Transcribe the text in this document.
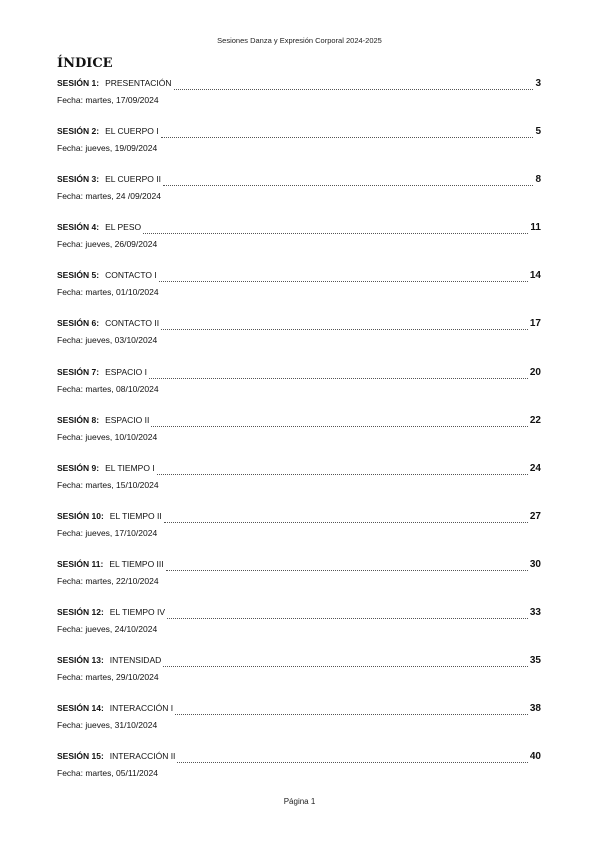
Sesiones Danza y Expresión Corporal 2024-2025
ÍNDICE
SESIÓN 1 : PRESENTACIÓN	3
Fecha: martes, 17/09/2024
SESIÓN 2 : EL CUERPO I	5
Fecha: jueves, 19/09/2024
SESIÓN 3 : EL CUERPO II	8
Fecha: martes, 24 /09/2024
SESIÓN 4 : EL PESO	11
Fecha: jueves, 26/09/2024
SESIÓN 5 : CONTACTO I	14
Fecha: martes, 01/10/2024
SESIÓN 6 : CONTACTO II	17
Fecha: jueves, 03/10/2024
SESIÓN 7 : ESPACIO I	20
Fecha: martes, 08/10/2024
SESIÓN 8 : ESPACIO II	22
Fecha: jueves, 10/10/2024
SESIÓN 9 : EL TIEMPO I	24
Fecha: martes, 15/10/2024
SESIÓN 10 : EL TIEMPO II	27
Fecha: jueves, 17/10/2024
SESIÓN 11 : EL TIEMPO III	30
Fecha: martes, 22/10/2024
SESIÓN 12 : EL TIEMPO IV	33
Fecha: jueves, 24/10/2024
SESIÓN 13 : INTENSIDAD	35
Fecha: martes, 29/10/2024
SESIÓN 14 : INTERACCIÓN I	38
Fecha: jueves, 31/10/2024
SESIÓN 15 : INTERACCIÓN II	40
Fecha: martes, 05/11/2024
Página 1
